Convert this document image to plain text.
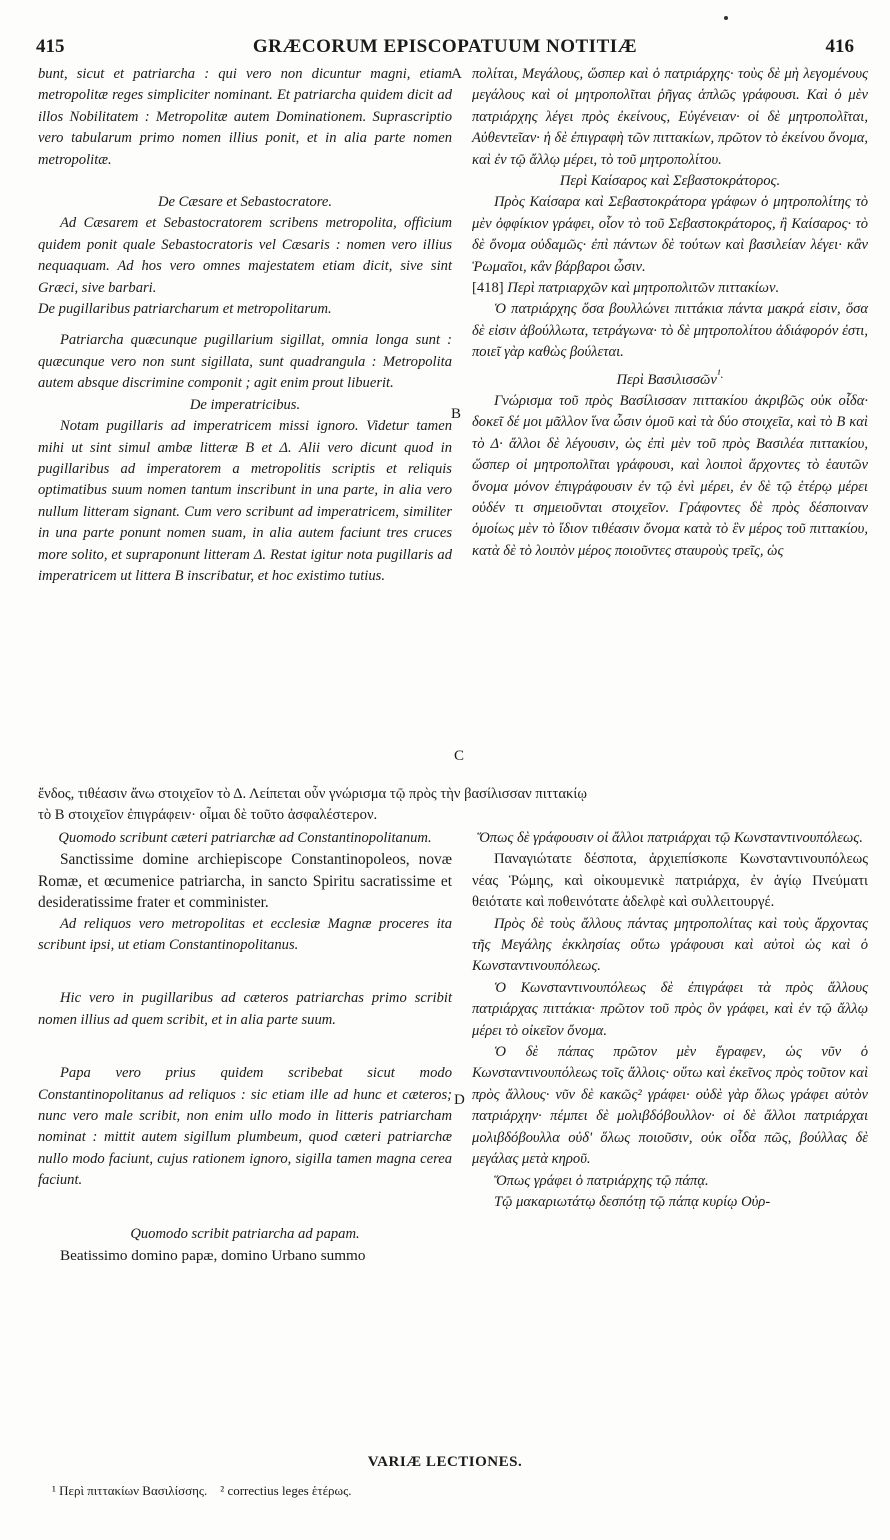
415	GRÆCORUM EPISCOPATUUM NOTITIÆ	416

bunt, sicut et patriarcha : qui vero non dicuntur magni, etiam metropolitæ reges simpliciter nominant. Et patriarcha quidem dicit ad illos Nobilitatem : Metropolitæ autem Dominationem. Suprascriptio vero tabularum primo nomen illius ponit, et in alia parte nomen metropolitæ.

De Cæsare et Sebastocratore.

Ad Cæsarem et Sebastocratorem scribens metropolita, officium quidem ponit quale Sebastocratoris vel Cæsaris : nomen vero illius nequaquam. Ad hos vero omnes majestatem etiam dicit, sive sint Græci, sive barbari.

De pugillaribus patriarcharum et metropolitarum.

Patriarcha quæcunque pugillarium sigillat, omnia longa sunt : quæcunque vero non sunt sigillata, sunt quadrangula : Metropolita autem absque discrimine componit ; agit enim prout libuerit.

De imperatricibus.

Notam pugillaris ad imperatricem missi ignoro. Videtur tamen mihi ut sint simul ambæ litteræ B et Δ. Alii vero dicunt quod in pugillaribus ad imperatorem a metropolitis scriptis et reliquis optimatibus suum nomen tantum inscribunt in una parte, in alia vero nullum litteram signant. Cum vero scribunt ad imperatricem, similiter in una parte ponunt nomen suam, in alia autem faciunt tres cruces more solito, et supraponunt litteram Δ. Restat igitur nota pugillaris ad imperatricem ut littera B inscribatur, et hoc existimo tutius.

πολίται, Μεγάλους, ὥσπερ καὶ ὁ πατριάρχης· τοὺς δὲ μὴ λεγομένους μεγάλους καὶ οἱ μητροπολῖται ῥῆγας ἁπλῶς γράφουσι. Καὶ ὁ μὲν πατριάρχης λέγει πρὸς ἐκείνους, Εὐγένειαν· οἱ δὲ μητροπολῖται, Αὐθεντεῖαν· ἡ δὲ ἐπιγραφὴ τῶν πιττακίων, πρῶτον τὸ ἐκείνου ὄνομα, καὶ ἐν τῷ ἄλλῳ μέρει, τὸ τοῦ μητροπολίτου.

Περὶ Καίσαρος καὶ Σεβαστοκράτορος.

Πρὸς Καίσαρα καὶ Σεβαστοκράτορα γράφων ὁ μητροπολίτης τὸ μὲν ὀφφίκιον γράφει, οἷον τὸ τοῦ Σεβαστοκράτορος, ἢ Καίσαρος· τὸ δὲ ὄνομα οὐδαμῶς· ἐπὶ πάντων δὲ τούτων καὶ βασιλείαν λέγει· κἂν Ῥωμαῖοι, κἂν βάρβαροι ὦσιν.

[418] Περὶ πατριαρχῶν καὶ μητροπολιτῶν πιττακίων.

Ὁ πατριάρχης ὅσα βουλλώνει πιττάκια πάντα μακρά εἰσιν, ὅσα δὲ εἰσιν ἀβούλλωτα, τετράγωνα· τὸ δὲ μητροπολίτου ἀδιάφορόν ἐστι, ποιεῖ γὰρ καθὼς βούλεται.

Περὶ Βασιλισσῶν$^{^1.}$

Γνώρισμα τοῦ πρὸς Βασίλισσαν πιττακίου ἀκριβῶς οὐκ οἶδα· δοκεῖ δέ μοι μᾶλλον ἵνα ὦσιν ὁμοῦ καὶ τὰ δύο στοιχεῖα, καὶ τὸ Β καὶ τὸ Δ· ἄλλοι δὲ λέγουσιν, ὡς ἐπὶ μὲν τοῦ πρὸς Βασιλέα πιττακίου, ὥσπερ οἱ μητροπολῖται γράφουσι, καὶ λοιποὶ ἄρχοντες τὸ ἑαυτῶν ὄνομα μόνον ἐπιγράφουσιν ἐν τῷ ἑνὶ μέρει, ἐν δὲ τῷ ἑτέρῳ μέρει οὐδέν τι σημειοῦνται στοιχεῖον. Γράφοντες δὲ πρὸς δέσποιναν ὁμοίως μὲν τὸ ἴδιον τιθέασιν ὄνομα κατὰ τὸ ἓν μέρος τοῦ πιττακίου, κατὰ δὲ τὸ λοιπὸν μέρος ποιοῦντες σταυροὺς τρεῖς, ὡς

ἔνδος, τιθέασιν ἄνω στοιχεῖον τὸ Δ. Λείπεται οὖν γνώρισμα τῷ πρὸς τὴν βασίλισσαν πιττακίῳ

τὸ Β στοιχεῖον ἐπιγράφειν· οἶμαι δὲ τοῦτο ἀσφαλέστερον.

Quomodo scribunt cæteri patriarchæ ad Constantinopolitanum.

Sanctissime domine archiepiscope Constantinopoleos, novæ Romæ, et œcumenice patriarcha, in sancto Spiritu sacratissime et desideratissime frater et comminister.

Ad reliquos vero metropolitas et ecclesiæ Magnæ proceres ita scribunt ipsi, ut etiam Constantinopolitanus.

Hic vero in pugillaribus ad cæteros patriarchas primo scribit nomen illius ad quem scribit, et in alia parte suum.

Papa vero prius quidem scribebat sicut modo Constantinopolitanus ad reliquos : sic etiam ille ad hunc et cæteros; nunc vero male scribit, non enim ullo modo in litteris patriarcham nominat : mittit autem sigillum plumbeum, quod cæteri patriarchæ nullo modo faciunt, cujus rationem ignoro, sigilla tamen magna cerea faciunt.

Quomodo scribit patriarcha ad papam.

Beatissimo domino papæ, domino Urbano summo

Ὅπως δὲ γράφουσιν οἱ ἄλλοι πατριάρχαι τῷ Κωνσταντινουπόλεως.

Παναγιώτατε δέσποτα, ἀρχιεπίσκοπε Κωνσταντινουπόλεως νέας Ῥώμης, καὶ οἰκουμενικὲ πατριάρχα, ἐν ἁγίῳ Πνεύματι θειότατε καὶ ποθεινότατε ἀδελφὲ καὶ συλλειτουργέ.

Πρὸς δὲ τοὺς ἄλλους πάντας μητροπολίτας καὶ τοὺς ἄρχοντας τῆς Μεγάλης ἐκκλησίας οὕτω γράφουσι καὶ αὐτοὶ ὡς καὶ ὁ Κωνσταντινουπόλεως.

Ὁ Κωνσταντινουπόλεως δὲ ἐπιγράφει τὰ πρὸς ἄλλους πατριάρχας πιττάκια· πρῶτον τοῦ πρὸς ὃν γράφει, καὶ ἐν τῷ ἄλλῳ μέρει τὸ οἰκεῖον ὄνομα.

Ὁ δὲ πάπας πρῶτον μὲν ἔγραφεν, ὡς νῦν ὁ Κωνσταντινουπόλεως τοῖς ἄλλοις· οὕτω καὶ ἐκεῖνος πρὸς τοῦτον καὶ πρὸς ἄλλους· νῦν δὲ κακῶς² γράφει· οὐδὲ γὰρ ὅλως γράφει αὐτὸν πατριάρχην· πέμπει δὲ μολιβδόβουλλον· οἱ δὲ ἄλλοι πατριάρχαι μολιβδόβουλλα οὐδ' ὅλως ποιοῦσιν, οὐκ οἶδα πῶς, βούλλας δὲ μεγάλας μετὰ κηροῦ.

Ὅπως γράφει ὁ πατριάρχης τῷ πάπᾳ.

Τῷ μακαριωτάτῳ δεσπότῃ τῷ πάπᾳ κυρίῳ Οὐρ-

A
B
C
D
VARIÆ LECTIONES.
¹ Περὶ πιττακίων Βασιλίσσης. ² correctius leges ἑτέρως.
